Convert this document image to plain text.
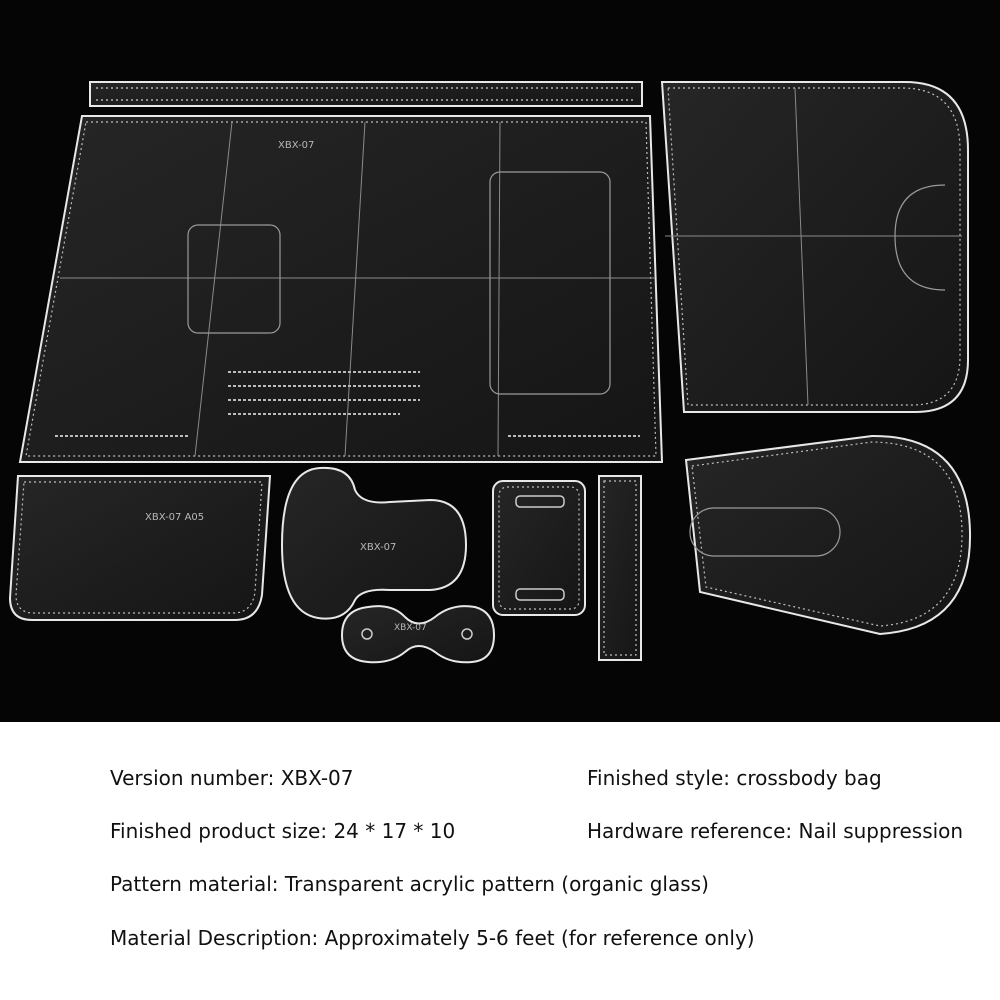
XBX-07
XBX-07 A05
XBX-07
XBX-07
Version number: XBX-07	Finished style: crossbody bag
Finished product size: 24 * 17 * 10	Hardware reference: Nail suppression
Pattern material: Transparent acrylic pattern (organic glass)
Material Description: Approximately 5-6 feet (for reference only)
